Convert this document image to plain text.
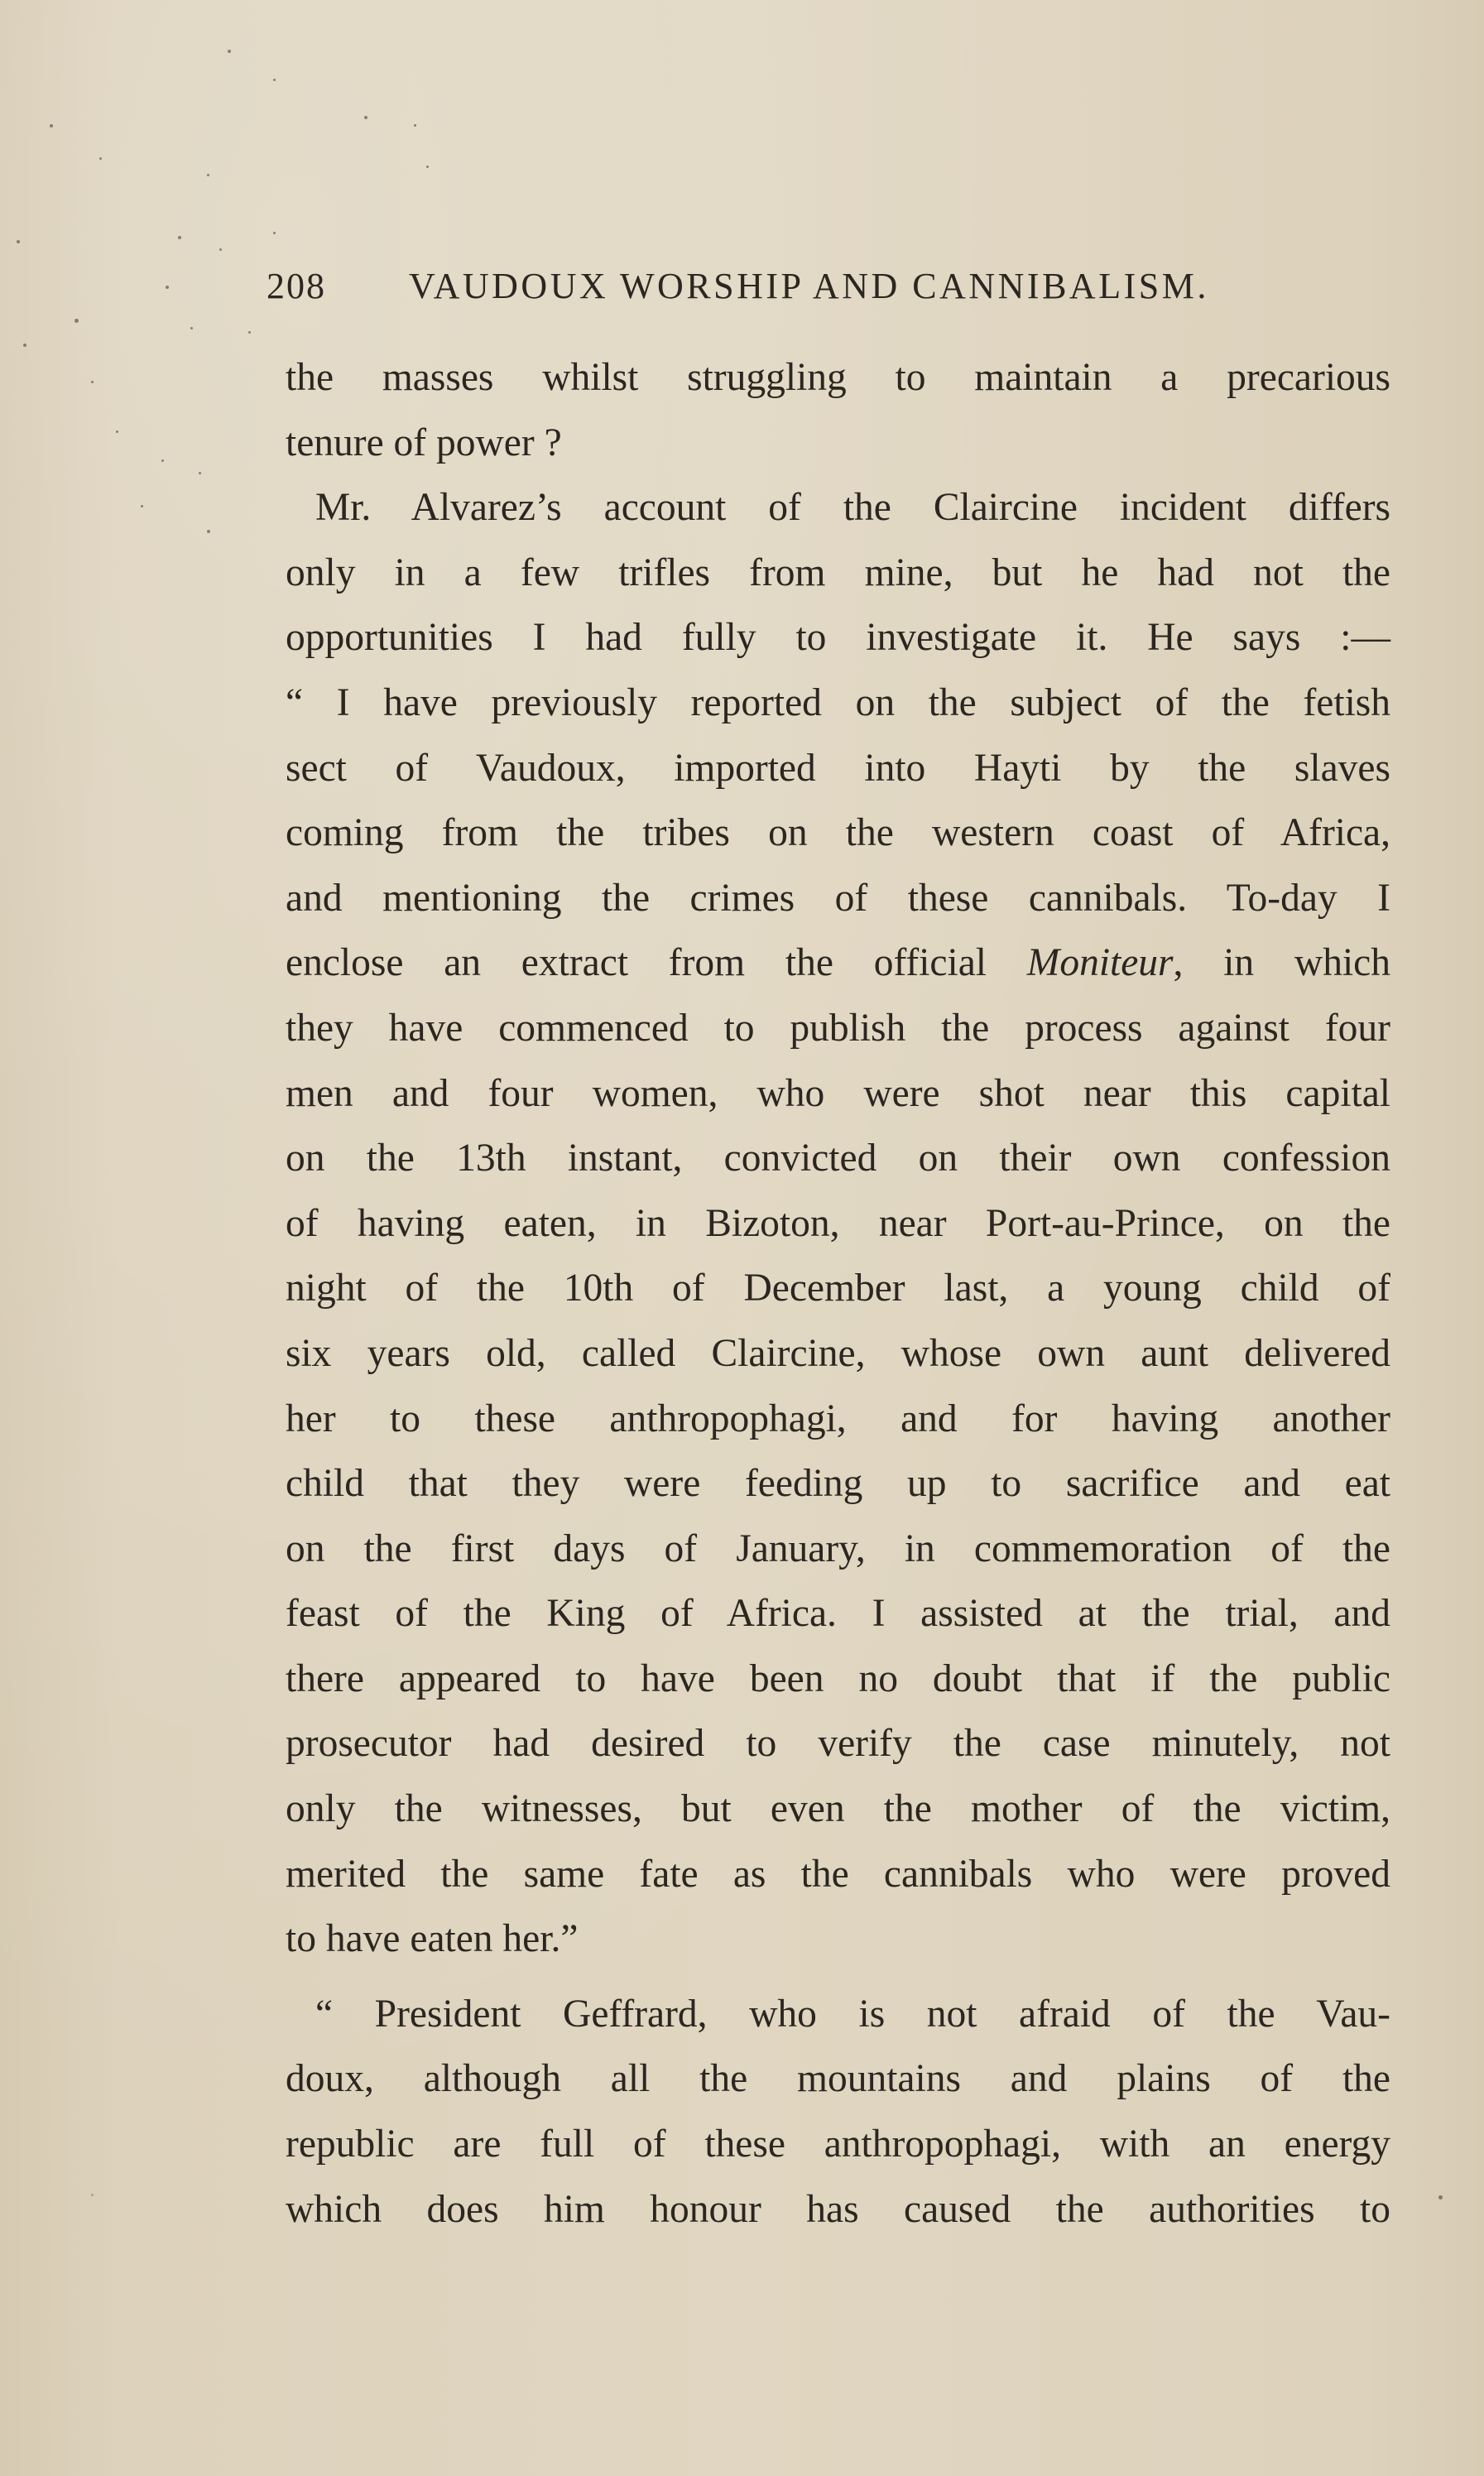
208 VAUDOUX WORSHIP AND CANNIBALISM.
the masses whilst struggling to maintain a precarious
tenure of power ?
Mr. Alvarez’s account of the Claircine incident differs
only in a few trifles from mine, but he had not the
opportunities I had fully to investigate it. He says :—
“ I have previously reported on the subject of the fetish
sect of Vaudoux, imported into Hayti by the slaves
coming from the tribes on the western coast of Africa,
and mentioning the crimes of these cannibals. To-day I
enclose an extract from the official Moniteur, in which
they have commenced to publish the process against four
men and four women, who were shot near this capital
on the 13th instant, convicted on their own confession
of having eaten, in Bizoton, near Port-au-Prince, on the
night of the 10th of December last, a young child of
six years old, called Claircine, whose own aunt delivered
her to these anthropophagi, and for having another
child that they were feeding up to sacrifice and eat
on the first days of January, in commemoration of the
feast of the King of Africa. I assisted at the trial, and
there appeared to have been no doubt that if the public
prosecutor had desired to verify the case minutely, not
only the witnesses, but even the mother of the victim,
merited the same fate as the cannibals who were proved
to have eaten her.”
“ President Geffrard, who is not afraid of the Vau-
doux, although all the mountains and plains of the
republic are full of these anthropophagi, with an energy
which does him honour has caused the authorities to
